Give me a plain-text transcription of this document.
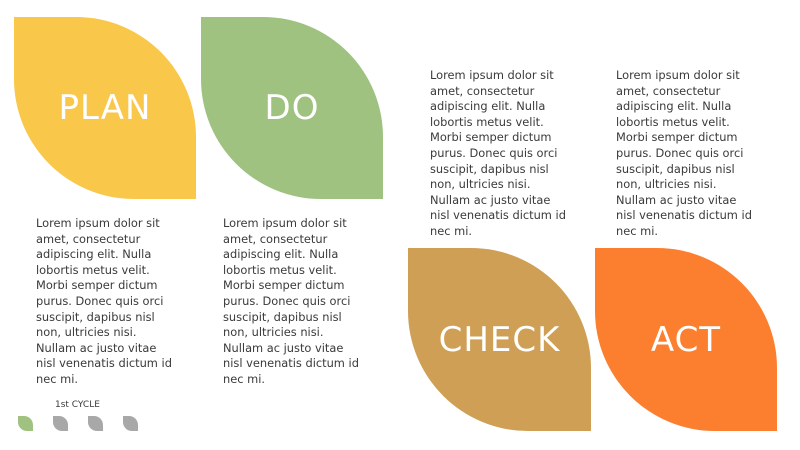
PLAN	DO
CHECK	ACT
Lorem ipsum dolor sit
amet, consectetur
adipiscing elit. Nulla
lobortis metus velit.
Morbi semper dictum
purus. Donec quis orci
suscipit, dapibus nisl
non, ultricies nisi.
Nullam ac justo vitae
nisl venenatis dictum id
nec mi.
Lorem ipsum dolor sit
amet, consectetur
adipiscing elit. Nulla
lobortis metus velit.
Morbi semper dictum
purus. Donec quis orci
suscipit, dapibus nisl
non, ultricies nisi.
Nullam ac justo vitae
nisl venenatis dictum id
nec mi.
Lorem ipsum dolor sit
amet, consectetur
adipiscing elit. Nulla
lobortis metus velit.
Morbi semper dictum
purus. Donec quis orci
suscipit, dapibus nisl
non, ultricies nisi.
Nullam ac justo vitae
nisl venenatis dictum id
nec mi.
Lorem ipsum dolor sit
amet, consectetur
adipiscing elit. Nulla
lobortis metus velit.
Morbi semper dictum
purus. Donec quis orci
suscipit, dapibus nisl
non, ultricies nisi.
Nullam ac justo vitae
nisl venenatis dictum id
nec mi.
1st CYCLE
